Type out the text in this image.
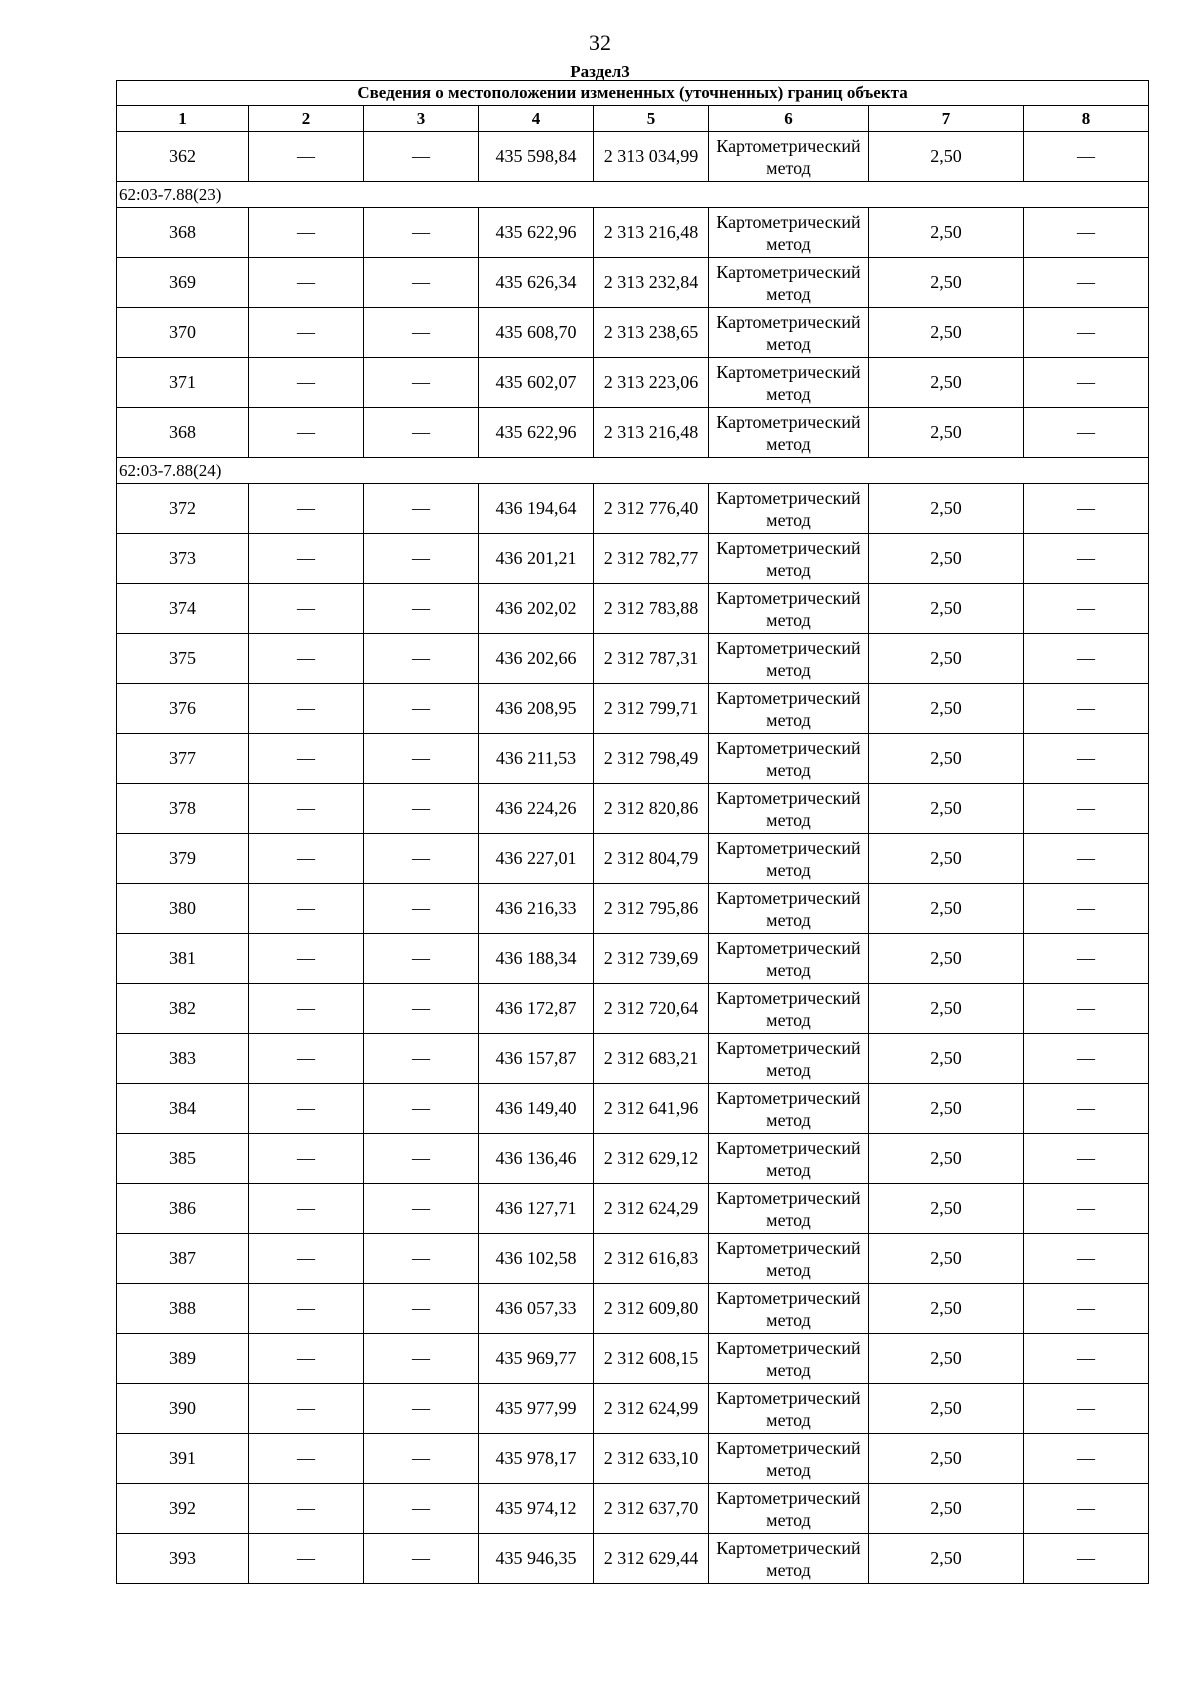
32
Раздел3
Сведения о местоположении измененных (уточненных) границ объекта							
1	2	3	4	5	6	7	8
362	—	—	435 598,84	2 313 034,99	Картометрический метод	2,50	—
62:03-7.88(23)							
368	—	—	435 622,96	2 313 216,48	Картометрический метод	2,50	—
369	—	—	435 626,34	2 313 232,84	Картометрический метод	2,50	—
370	—	—	435 608,70	2 313 238,65	Картометрический метод	2,50	—
371	—	—	435 602,07	2 313 223,06	Картометрический метод	2,50	—
368	—	—	435 622,96	2 313 216,48	Картометрический метод	2,50	—
62:03-7.88(24)							
372	—	—	436 194,64	2 312 776,40	Картометрический метод	2,50	—
373	—	—	436 201,21	2 312 782,77	Картометрический метод	2,50	—
374	—	—	436 202,02	2 312 783,88	Картометрический метод	2,50	—
375	—	—	436 202,66	2 312 787,31	Картометрический метод	2,50	—
376	—	—	436 208,95	2 312 799,71	Картометрический метод	2,50	—
377	—	—	436 211,53	2 312 798,49	Картометрический метод	2,50	—
378	—	—	436 224,26	2 312 820,86	Картометрический метод	2,50	—
379	—	—	436 227,01	2 312 804,79	Картометрический метод	2,50	—
380	—	—	436 216,33	2 312 795,86	Картометрический метод	2,50	—
381	—	—	436 188,34	2 312 739,69	Картометрический метод	2,50	—
382	—	—	436 172,87	2 312 720,64	Картометрический метод	2,50	—
383	—	—	436 157,87	2 312 683,21	Картометрический метод	2,50	—
384	—	—	436 149,40	2 312 641,96	Картометрический метод	2,50	—
385	—	—	436 136,46	2 312 629,12	Картометрический метод	2,50	—
386	—	—	436 127,71	2 312 624,29	Картометрический метод	2,50	—
387	—	—	436 102,58	2 312 616,83	Картометрический метод	2,50	—
388	—	—	436 057,33	2 312 609,80	Картометрический метод	2,50	—
389	—	—	435 969,77	2 312 608,15	Картометрический метод	2,50	—
390	—	—	435 977,99	2 312 624,99	Картометрический метод	2,50	—
391	—	—	435 978,17	2 312 633,10	Картометрический метод	2,50	—
392	—	—	435 974,12	2 312 637,70	Картометрический метод	2,50	—
393	—	—	435 946,35	2 312 629,44	Картометрический метод	2,50	—
